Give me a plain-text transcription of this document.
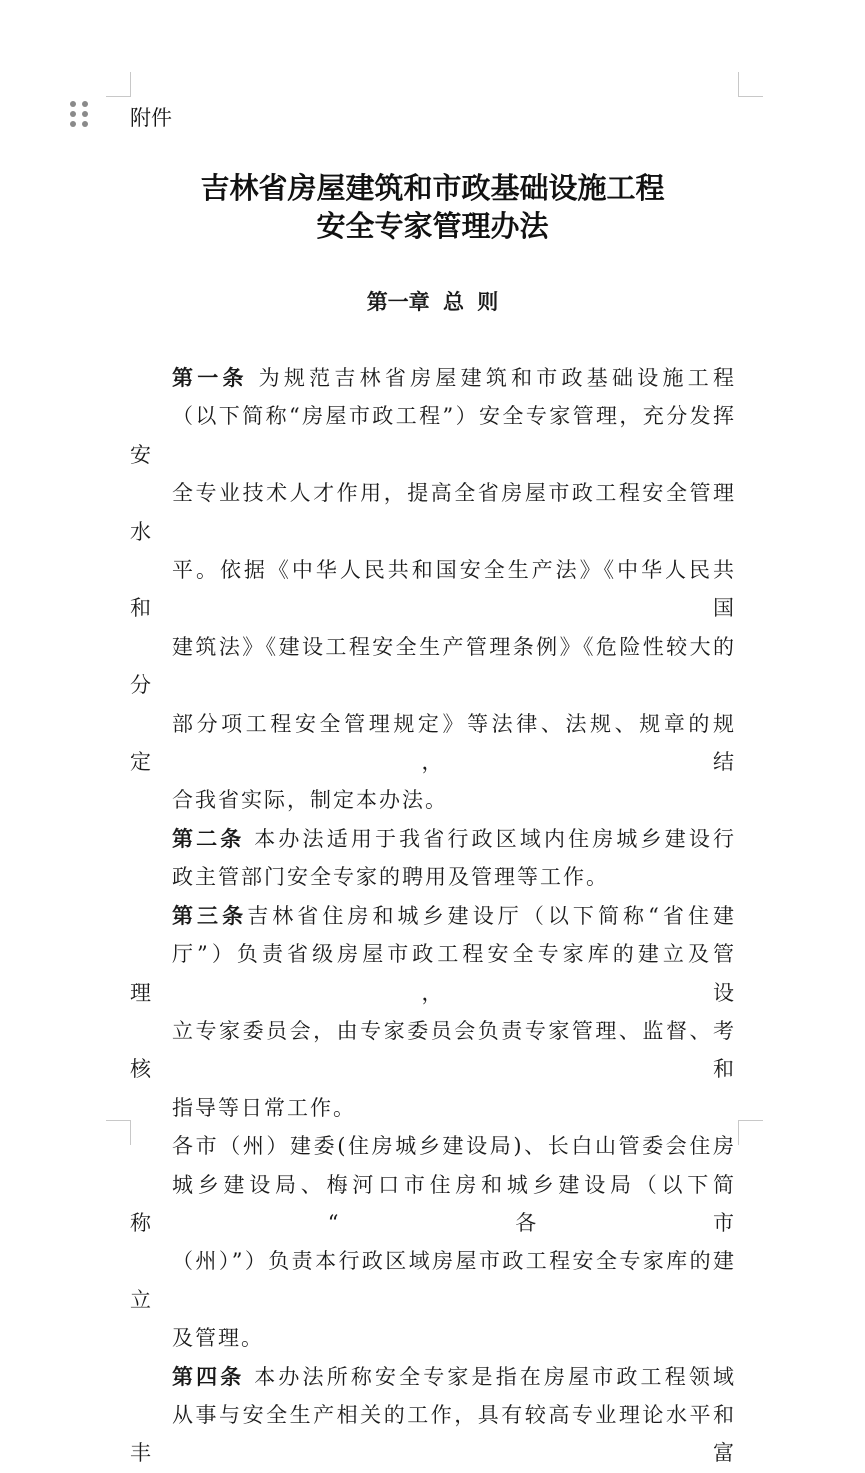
附件
吉林省房屋建筑和市政基础设施工程
安全专家管理办法
第一章 总 则

第一条 为规范吉林省房屋建筑和市政基础设施工程
（以下简称“房屋市政工程”）安全专家管理，充分发挥安
全专业技术人才作用，提高全省房屋市政工程安全管理水
平。依据《中华人民共和国安全生产法》《中华人民共和国
建筑法》《建设工程安全生产管理条例》《危险性较大的分
部分项工程安全管理规定》等法律、法规、规章的规定，结
合我省实际，制定本办法。

第二条 本办法适用于我省行政区域内住房城乡建设行
政主管部门安全专家的聘用及管理等工作。

第三条吉林省住房和城乡建设厅（以下简称“省住建
厅”）负责省级房屋市政工程安全专家库的建立及管理，设
立专家委员会，由专家委员会负责专家管理、监督、考核和
指导等日常工作。

各市（州）建委(住房城乡建设局)、长白山管委会住房
城乡建设局、梅河口市住房和城乡建设局（以下简称“各市
（州）”）负责本行政区域房屋市政工程安全专家库的建立
及管理。

第四条 本办法所称安全专家是指在房屋市政工程领域
从事与安全生产相关的工作，具有较高专业理论水平和丰富
